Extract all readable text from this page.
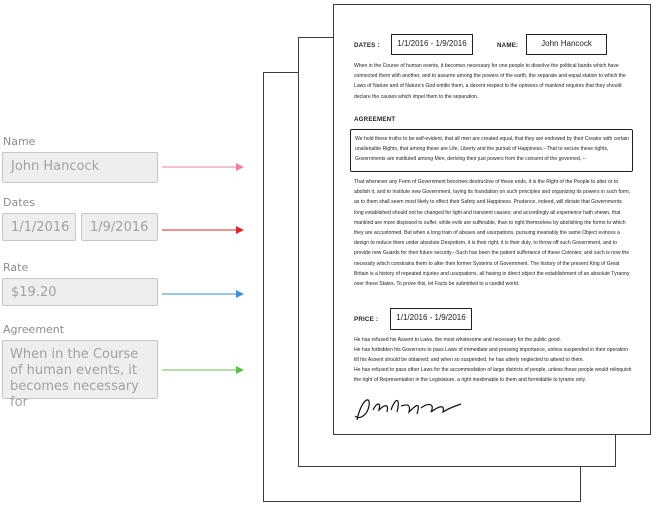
Name
John Hancock
Dates
1/1/2016	1/9/2016
Rate
$19.20
Agreement
When in the Course of human events, it becomes necessary for
DATES :	1/1/2016 - 1/9/2016	NAME:	John Hancock
When in the Course of human events, it becomes necessary for one people to dissolve the political bands which have connected them with another, and to assume among the powers of the earth, the separate and equal station to which the Laws of Nature and of Nature's God entitle them, a decent respect to the opinions of mankind requires that they should declare the causes which impel them to the separation.
AGREEMENT
We hold these truths to be self-evident, that all men are created equal, that they are endowed by their Creator with certain unalienable Rights, that among these are Life, Liberty and the pursuit of Happiness.--That to secure these rights, Governments are instituted among Men, deriving their just powers from the consent of the governed, --
That whenever any Form of Government becomes destructive of these ends, it is the Right of the People to alter or to abolish it, and to institute new Government, laying its foundation on such principles and organizing its powers in such form, as to them shall seem most likely to effect their Safety and Happiness. Prudence, indeed, will dictate that Governments long established should not be changed for light and transient causes; and accordingly all experience hath shewn, that mankind are more disposed to suffer, while evils are sufferable, than to right themselves by abolishing the forms to which they are accustomed. But when a long train of abuses and usurpations, pursuing invariably the same Object evinces a design to reduce them under absolute Despotism, it is their right, it is their duty, to throw off such Government, and to provide new Guards for their future security.--Such has been the patient sufferance of these Colonies; and such is now the necessity which constrains them to alter their former Systems of Government. The history of the present King of Great Britain is a history of repeated injuries and usurpations, all having in direct object the establishment of an absolute Tyranny over these States. To prove this, let Facts be submitted to a candid world.
PRICE :	1/1/2016 - 1/9/2016
He has refused his Assent to Laws, the most wholesome and necessary for the public good.
He has forbidden his Governors to pass Laws of immediate and pressing importance, unless suspended in their operation till his Assent should be obtained; and when so suspended, he has utterly neglected to attend to them.
He has refused to pass other Laws for the accommodation of large districts of people, unless those people would relinquish the right of Representation in the Legislature, a right inestimable to them and formidable to tyrants only.
